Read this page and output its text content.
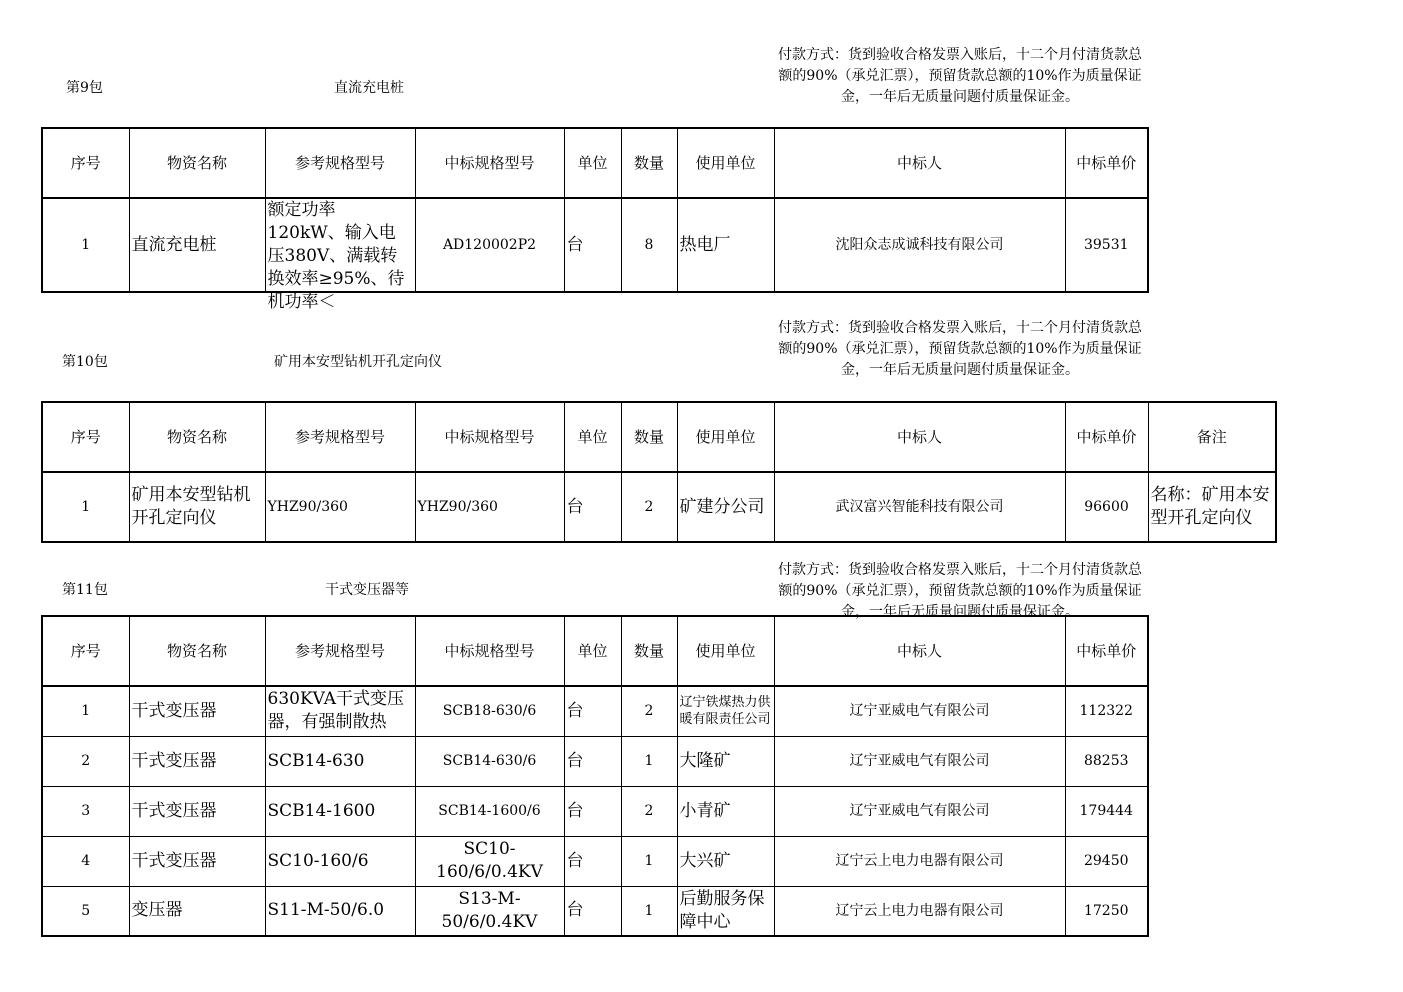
第9包	直流充电桩
付款方式：货到验收合格发票入账后，十二个月付清货款总额的90%（承兑汇票），预留货款总额的10%作为质量保证金，一年后无质量问题付质量保证金。
序号	物资名称	参考规格型号	中标规格型号	单位	数量	使用单位	中标人	中标单价
1	直流充电桩	额定功率120kW、输入电压380V、满载转换效率≥95%、待机功率＜	AD120002P2	台	8	热电厂	沈阳众志成诚科技有限公司	39531
第10包	矿用本安型钻机开孔定向仪
付款方式：货到验收合格发票入账后，十二个月付清货款总额的90%（承兑汇票），预留货款总额的10%作为质量保证金，一年后无质量问题付质量保证金。
序号	物资名称	参考规格型号	中标规格型号	单位	数量	使用单位	中标人	中标单价	备注
1	矿用本安型钻机开孔定向仪	YHZ90/360	YHZ90/360	台	2	矿建分公司	武汉富兴智能科技有限公司	96600	名称：矿用本安型开孔定向仪
第11包	干式变压器等
付款方式：货到验收合格发票入账后，十二个月付清货款总额的90%（承兑汇票），预留货款总额的10%作为质量保证金，一年后无质量问题付质量保证金。
序号	物资名称	参考规格型号	中标规格型号	单位	数量	使用单位	中标人	中标单价
1	干式变压器	630KVA干式变压器，有强制散热	SCB18-630/6	台	2	辽宁铁煤热力供暖有限责任公司	辽宁亚威电气有限公司	112322
2	干式变压器	SCB14-630	SCB14-630/6	台	1	大隆矿	辽宁亚威电气有限公司	88253
3	干式变压器	SCB14-1600	SCB14-1600/6	台	2	小青矿	辽宁亚威电气有限公司	179444
4	干式变压器	SC10-160/6	SC10-160/6/0.4KV	台	1	大兴矿	辽宁云上电力电器有限公司	29450
5	变压器	S11-M-50/6.0	S13-M-50/6/0.4KV	台	1	后勤服务保障中心	辽宁云上电力电器有限公司	17250
